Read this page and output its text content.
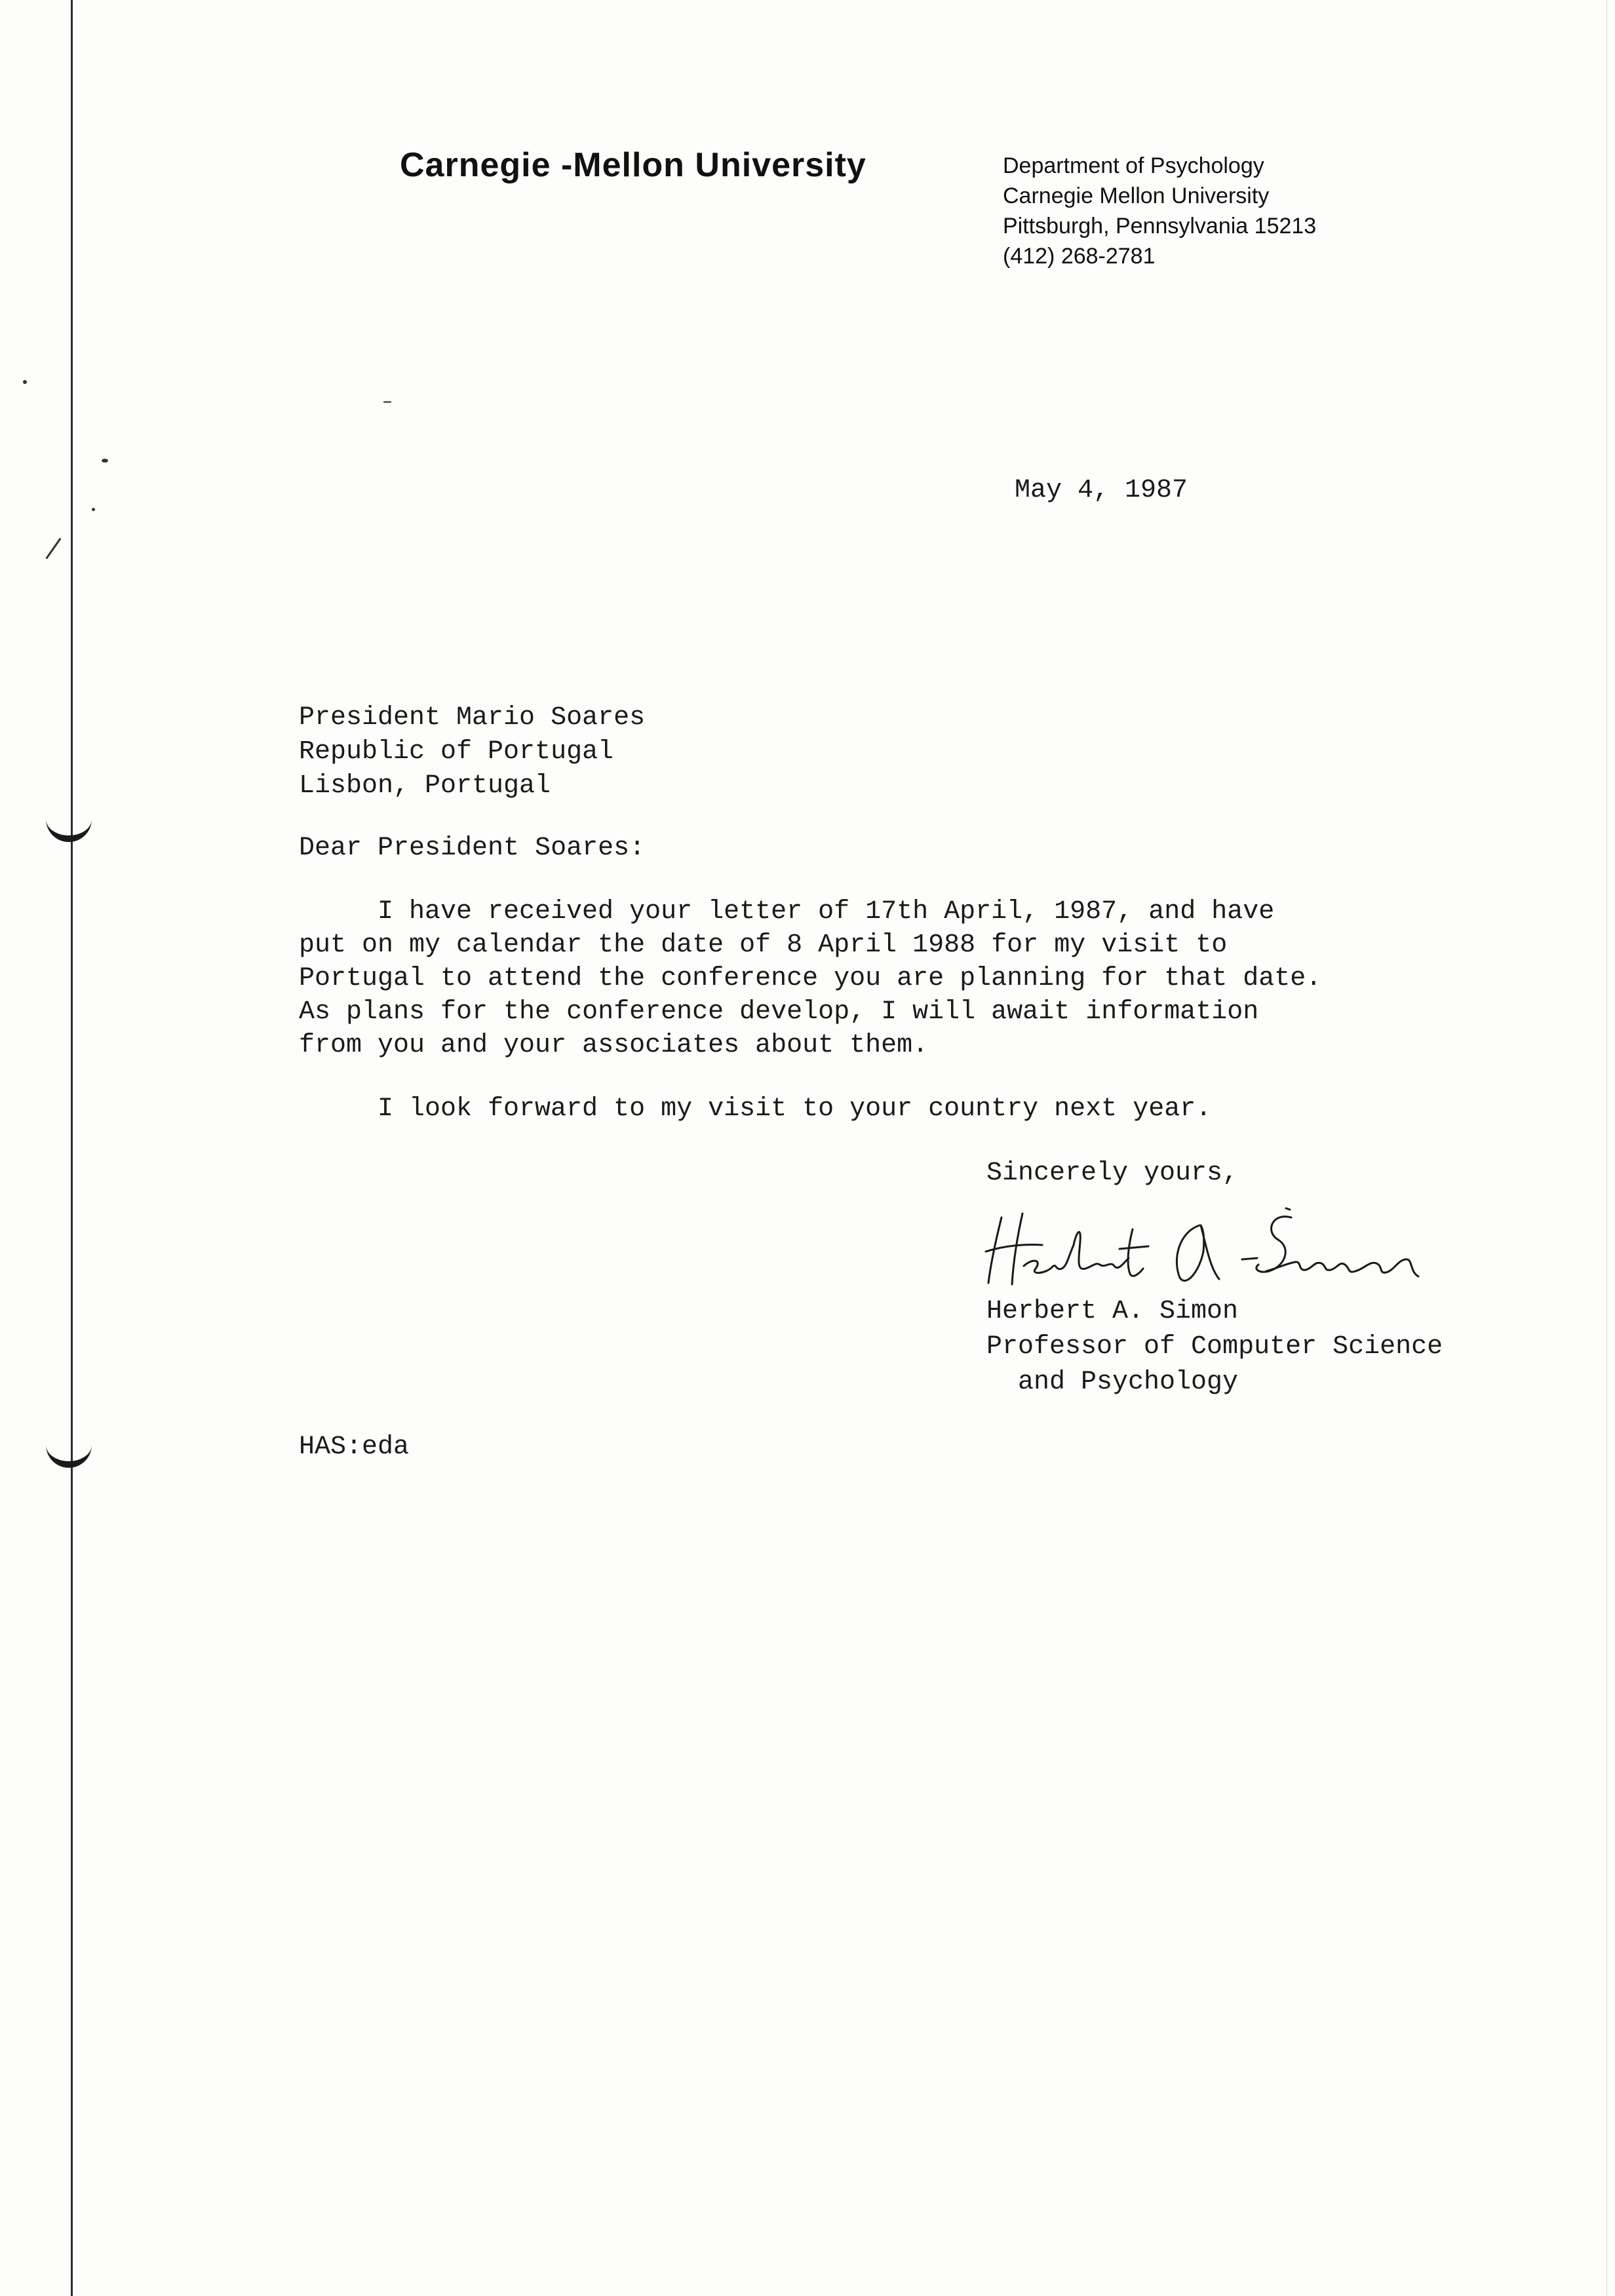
Carnegie -Mellon University	Department of Psychology
Carnegie Mellon University
Pittsburgh, Pennsylvania 15213
(412) 268-2781
May 4, 1987
President Mario Soares
Republic of Portugal
Lisbon, Portugal
Dear President Soares:
I have received your letter of 17th April, 1987, and have
put on my calendar the date of 8 April 1988 for my visit to
Portugal to attend the conference you are planning for that date.
As plans for the conference develop, I will await information
from you and your associates about them.
I look forward to my visit to your country next year.
Sincerely yours,
Herbert A. Simon
Professor of Computer Science
and Psychology
HAS:eda
